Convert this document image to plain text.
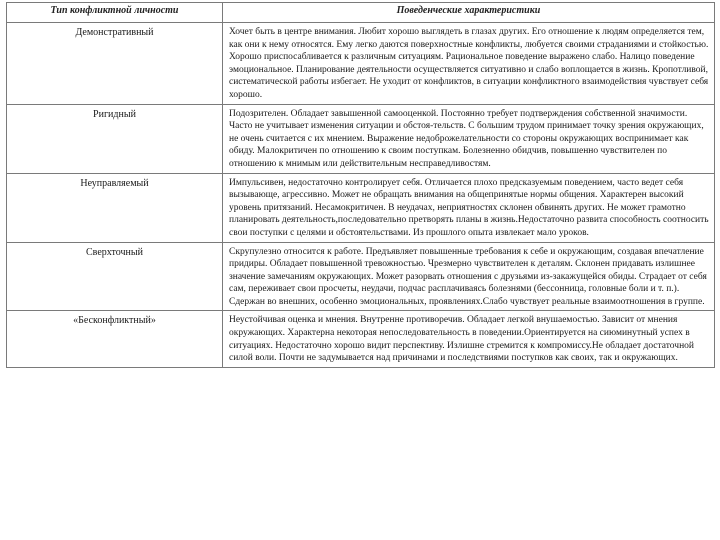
Тип конфликтной личности	Поведенческие характеристики
Демонстративный	Хочет быть в центре внимания. Любит хорошо выглядеть в глазах других. Его отношение к людям определяется тем, как они к нему относятся. Ему легко даются поверхностные конфликты, любуется своими страданиями и стойкостью. Хорошо приспосабливается к различным ситуациям. Рациональное поведение выражено слабо. Налицо поведение эмоциональное. Планирование деятельности осуществляется ситуативно и слабо воплощается в жизнь. Кропотливой, систематической работы избегает. Не уходит от конфликтов, в ситуации конфликтного взаимодействия чувствует себя хорошо.
Ригидный	Подозрителен. Обладает завышенной самооценкой. Постоянно требует подтверждения собственной значимости. Часто не учитывает изменения ситуации и обстоя-тельств. С большим трудом принимает точку зрения окружающих, не очень считается с их мнением. Выражение недоброжелательности со стороны окружающих воспринимает как обиду. Малокритичен по отношению к своим поступкам. Болезненно обидчив, повышенно чувствителен по отношению к мнимым или действительным несправедливостям.
Неуправляемый	Импульсивен, недостаточно контролирует себя. Отличается плохо предсказуемым поведением, часто ведет себя вызывающе, агрессивно. Может не обращать внимания на общепринятые нормы общения. Характерен высокий уровень притязаний. Несамокритичен. В неудачах, неприятностях склонен обвинять других. Не может грамотно планировать деятельность,последовательно претворять планы в жизнь.Недостаточно развита способность соотносить свои поступки с целями и обстоятельствами. Из прошлого опыта извлекает мало уроков.
Сверхточный	Скрупулезно относится к работе. Предъявляет повышенные требования к себе и окружающим, создавая впечатление придиры. Обладает повышенной тревожностью. Чрезмерно чувствителен к деталям. Склонен придавать излишнее значение замечаниям окружающих. Может разорвать отношения с друзьями из-закажущейся обиды. Страдает от себя сам, переживает свои просчеты, неудачи, подчас расплачиваясь болезнями (бессонница, головные боли и т. п.). Сдержан во внешних, особенно эмоциональных, проявлениях.Слабо чувствует реальные взаимоотношения в группе.
«Бесконфликтный»	Неустойчивая оценка и мнения. Внутренне противоречив. Обладает легкой внушаемостью. Зависит от мнения окружающих. Характерна некоторая непоследовательность в поведении.Ориентируется на сиюминутный успех в ситуациях. Недостаточно хорошо видит перспективу. Излишне стремится к компромиссу.Не обладает достаточной силой воли. Почти не задумывается над причинами и последствиями поступков как своих, так и окружающих.
